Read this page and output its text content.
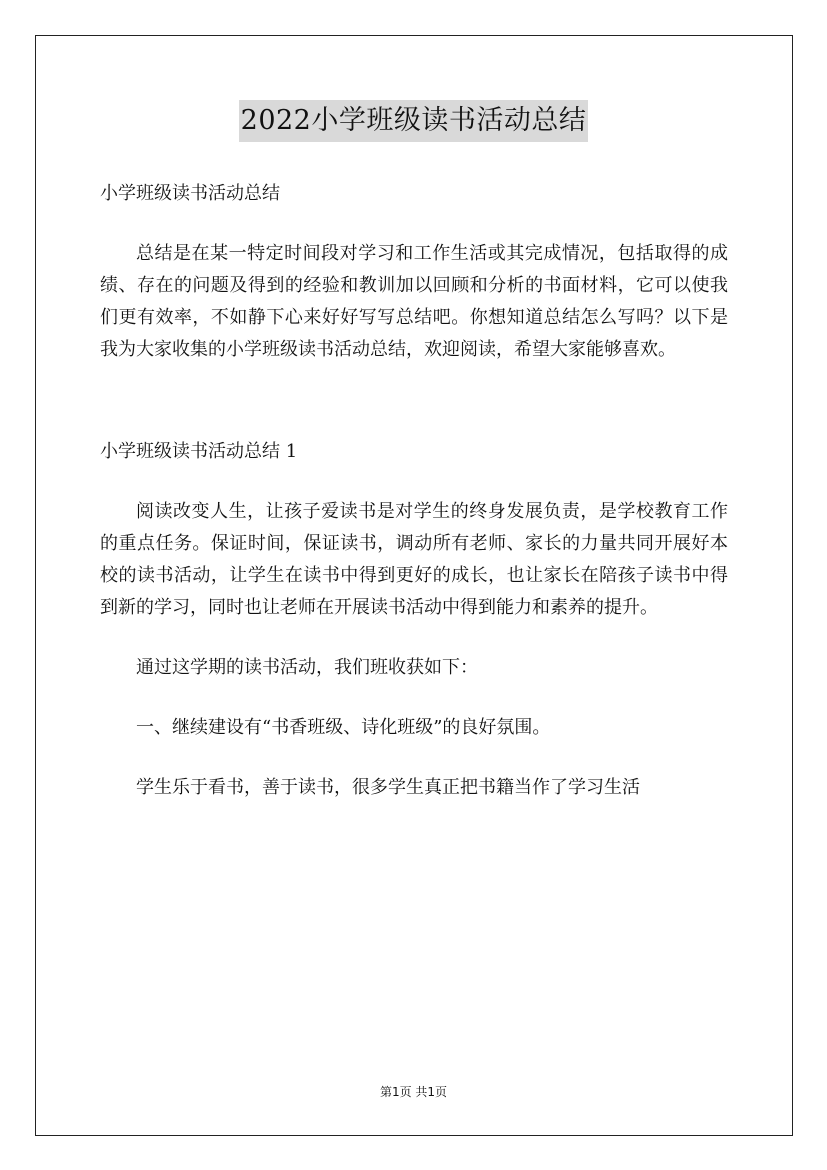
2022小学班级读书活动总结

小学班级读书活动总结

总结是在某一特定时间段对学习和工作生活或其完成情况，包括取得的成绩、存在的问题及得到的经验和教训加以回顾和分析的书面材料，它可以使我们更有效率，不如静下心来好好写写总结吧。你想知道总结怎么写吗？以下是我为大家收集的小学班级读书活动总结，欢迎阅读，希望大家能够喜欢。

小学班级读书活动总结 1

阅读改变人生，让孩子爱读书是对学生的终身发展负责，是学校教育工作的重点任务。保证时间，保证读书，调动所有老师、家长的力量共同开展好本校的读书活动，让学生在读书中得到更好的成长，也让家长在陪孩子读书中得到新的学习，同时也让老师在开展读书活动中得到能力和素养的提升。

通过这学期的读书活动，我们班收获如下：

一、继续建设有“书香班级、诗化班级”的良好氛围。

学生乐于看书，善于读书，很多学生真正把书籍当作了学习生活

第1页 共1页
